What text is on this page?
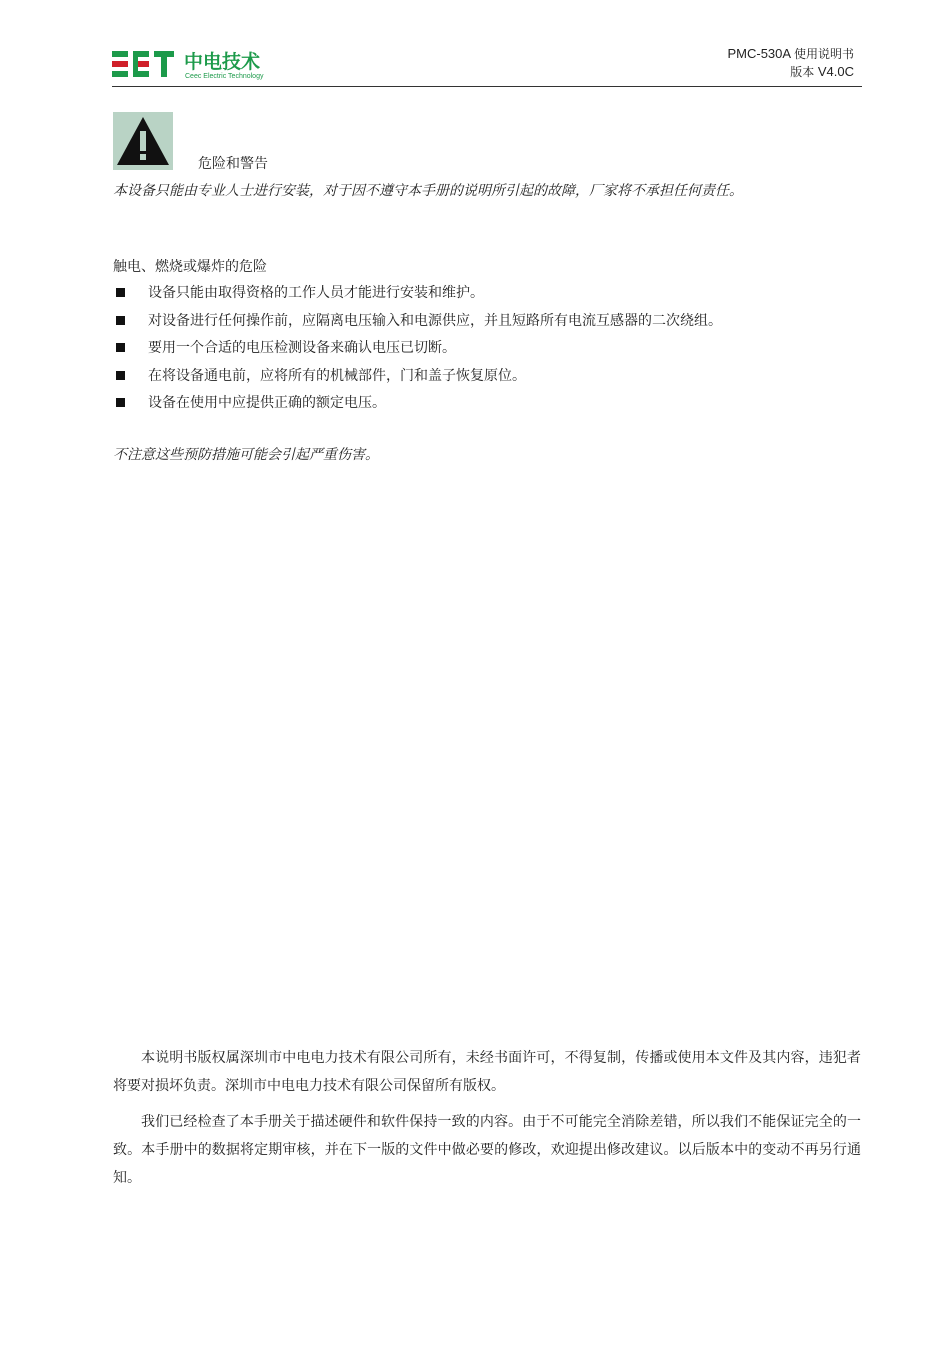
中电技术
Ceec Electric Technology
PMC-530A 使用说明书
版本 V4.0C
危险和警告
本设备只能由专业人士进行安装，对于因不遵守本手册的说明所引起的故障，厂家将不承担任何责任。
触电、燃烧或爆炸的危险
设备只能由取得资格的工作人员才能进行安装和维护。
对设备进行任何操作前，应隔离电压输入和电源供应，并且短路所有电流互感器的二次绕组。
要用一个合适的电压检测设备来确认电压已切断。
在将设备通电前，应将所有的机械部件，门和盖子恢复原位。
设备在使用中应提供正确的额定电压。
不注意这些预防措施可能会引起严重伤害。

本说明书版权属深圳市中电电力技术有限公司所有，未经书面许可，不得复制，传播或使用本文件及其内容，违犯者将要对损坏负责。深圳市中电电力技术有限公司保留所有版权。

我们已经检查了本手册关于描述硬件和软件保持一致的内容。由于不可能完全消除差错，所以我们不能保证完全的一致。本手册中的数据将定期审核，并在下一版的文件中做必要的修改，欢迎提出修改建议。以后版本中的变动不再另行通知。
